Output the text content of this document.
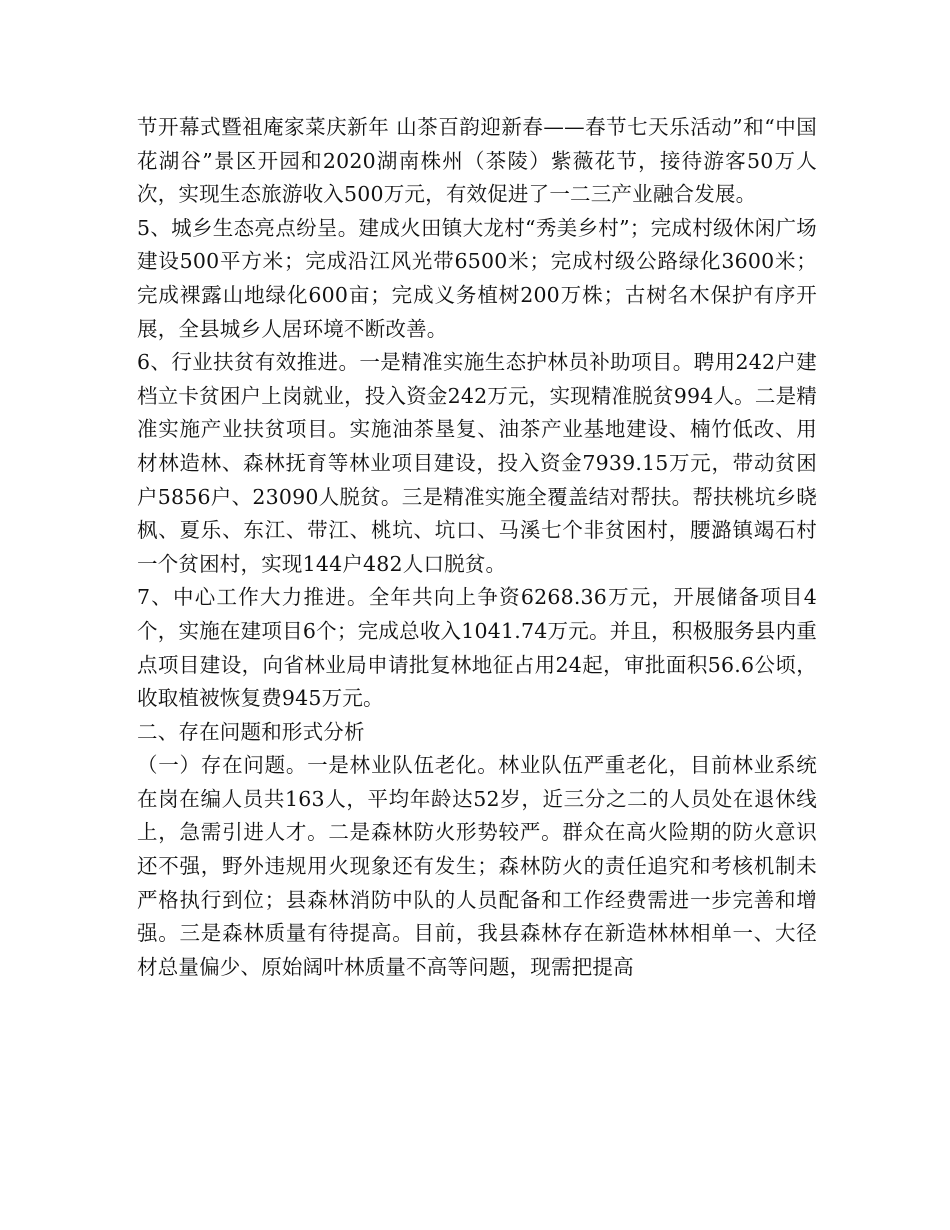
节开幕式暨祖庵家菜庆新年 山茶百韵迎新春——春节七天乐活动”和“中国花湖谷”景区开园和2020湖南株州（茶陵）紫薇花节，接待游客50万人次，实现生态旅游收入500万元，有效促进了一二三产业融合发展。

5、城乡生态亮点纷呈。建成火田镇大龙村“秀美乡村”；完成村级休闲广场建设500平方米；完成沿江风光带6500米；完成村级公路绿化3600米；完成裸露山地绿化600亩；完成义务植树200万株；古树名木保护有序开展，全县城乡人居环境不断改善。

6、行业扶贫有效推进。一是精准实施生态护林员补助项目。聘用242户建档立卡贫困户上岗就业，投入资金242万元，实现精准脱贫994人。二是精准实施产业扶贫项目。实施油茶垦复、油茶产业基地建设、楠竹低改、用材林造林、森林抚育等林业项目建设，投入资金7939.15万元，带动贫困户5856户、23090人脱贫。三是精准实施全覆盖结对帮扶。帮扶桃坑乡晓枫、夏乐、东江、带江、桃坑、坑口、马溪七个非贫困村，腰潞镇竭石村一个贫困村，实现144户482人口脱贫。

7、中心工作大力推进。全年共向上争资6268.36万元，开展储备项目4个，实施在建项目6个；完成总收入1041.74万元。并且，积极服务县内重点项目建设，向省林业局申请批复林地征占用24起，审批面积56.6公顷，收取植被恢复费945万元。

二、存在问题和形式分析

（一）存在问题。一是林业队伍老化。林业队伍严重老化，目前林业系统在岗在编人员共163人，平均年龄达52岁，近三分之二的人员处在退休线上，急需引进人才。二是森林防火形势较严。群众在高火险期的防火意识还不强，野外违规用火现象还有发生；森林防火的责任追究和考核机制未严格执行到位；县森林消防中队的人员配备和工作经费需进一步完善和增强。三是森林质量有待提高。目前，我县森林存在新造林林相单一、大径材总量偏少、原始阔叶林质量不高等问题，现需把提高
